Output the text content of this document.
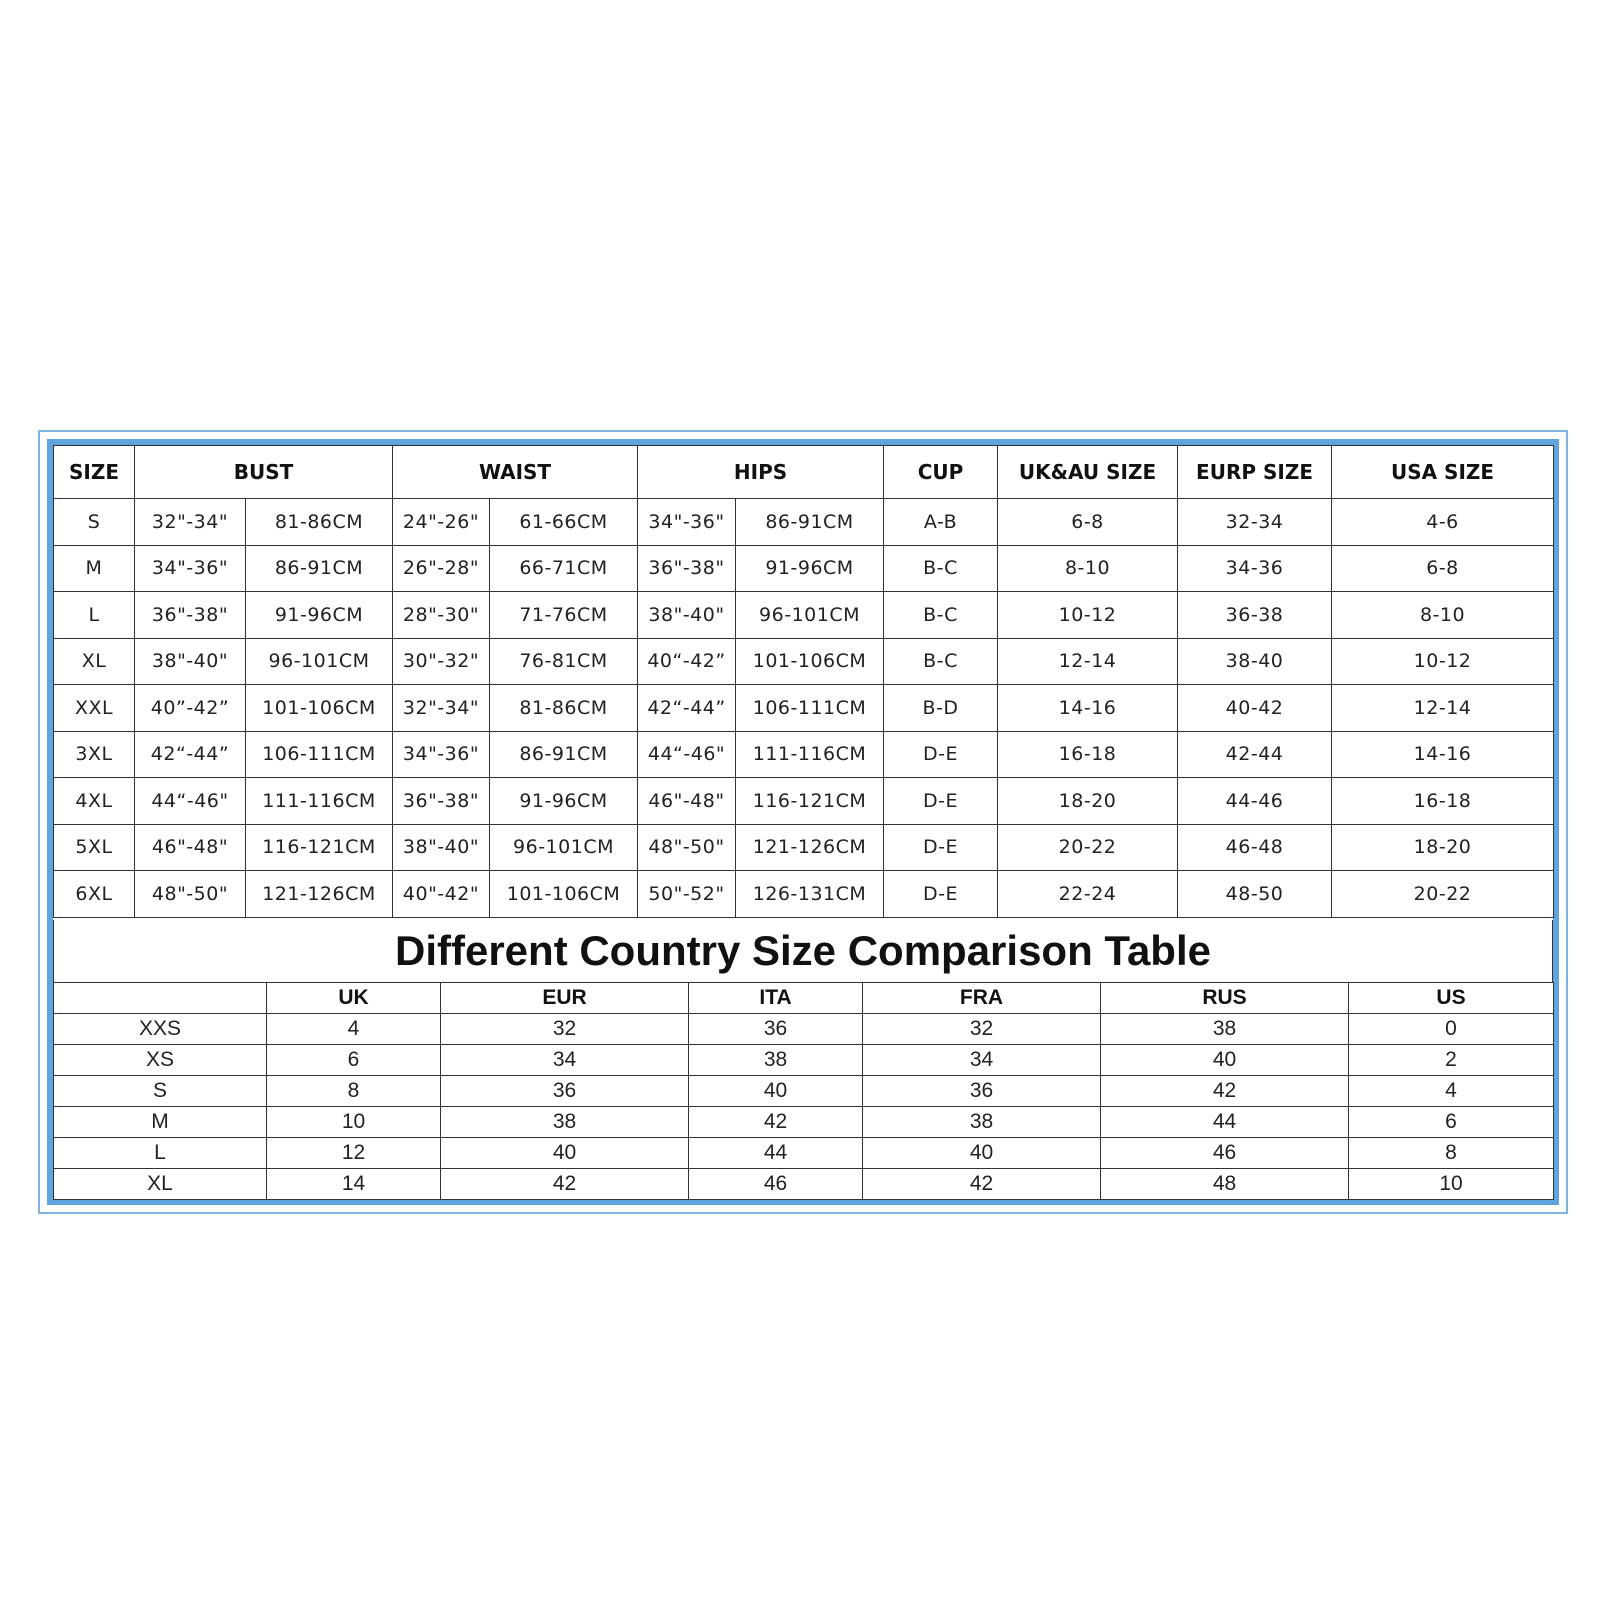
SIZE	BUST		WAIST		HIPS		CUP	UK&AU SIZE	EURP SIZE	USA SIZE
S	32"-34"	81-86CM	24"-26"	61-66CM	34"-36"	86-91CM	A-B	6-8	32-34	4-6
M	34"-36"	86-91CM	26"-28"	66-71CM	36"-38"	91-96CM	B-C	8-10	34-36	6-8
L	36"-38"	91-96CM	28"-30"	71-76CM	38"-40"	96-101CM	B-C	10-12	36-38	8-10
XL	38"-40"	96-101CM	30"-32"	76-81CM	40“-42”	101-106CM	B-C	12-14	38-40	10-12
XXL	40”-42”	101-106CM	32"-34"	81-86CM	42“-44”	106-111CM	B-D	14-16	40-42	12-14
3XL	42“-44”	106-111CM	34"-36"	86-91CM	44“-46"	111-116CM	D-E	16-18	42-44	14-16
4XL	44“-46"	111-116CM	36"-38"	91-96CM	46"-48"	116-121CM	D-E	18-20	44-46	16-18
5XL	46"-48"	116-121CM	38"-40"	96-101CM	48"-50"	121-126CM	D-E	20-22	46-48	18-20
6XL	48"-50"	121-126CM	40"-42"	101-106CM	50"-52"	126-131CM	D-E	22-24	48-50	20-22
Different Country Size Comparison Table
	UK	EUR	ITA	FRA	RUS	US
XXS	4	32	36	32	38	0
XS	6	34	38	34	40	2
S	8	36	40	36	42	4
M	10	38	42	38	44	6
L	12	40	44	40	46	8
XL	14	42	46	42	48	10
